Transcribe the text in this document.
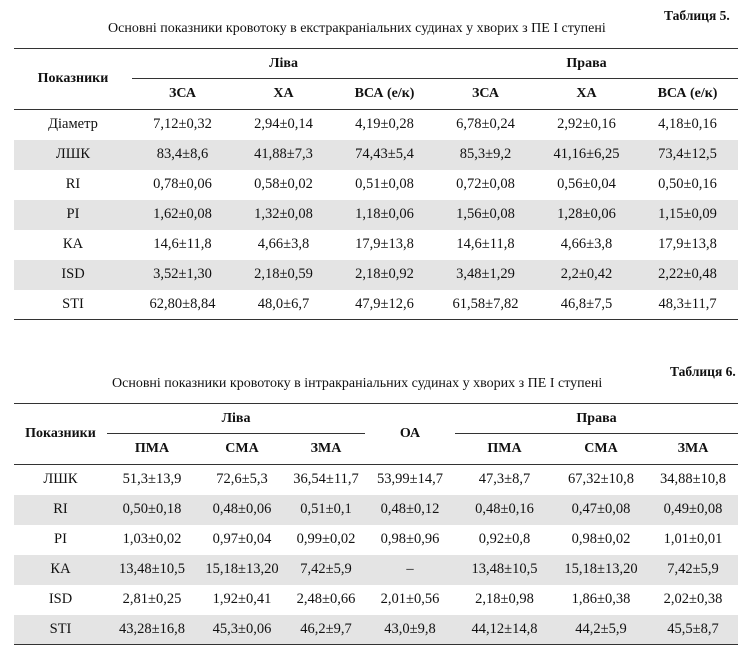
Таблиця 5.
Основні показники кровотоку в екстракраніальних судинах у хворих з ПЕ І ступені
Показники	Ліва			Права		
	ЗСА	ХА	ВСА (е/к)	ЗСА	ХА	ВСА (е/к)
Діаметр	7,12±0,32	2,94±0,14	4,19±0,28	6,78±0,24	2,92±0,16	4,18±0,16
ЛШК	83,4±8,6	41,88±7,3	74,43±5,4	85,3±9,2	41,16±6,25	73,4±12,5
RI	0,78±0,06	0,58±0,02	0,51±0,08	0,72±0,08	0,56±0,04	0,50±0,16
PI	1,62±0,08	1,32±0,08	1,18±0,06	1,56±0,08	1,28±0,06	1,15±0,09
КА	14,6±11,8	4,66±3,8	17,9±13,8	14,6±11,8	4,66±3,8	17,9±13,8
ISD	3,52±1,30	2,18±0,59	2,18±0,92	3,48±1,29	2,2±0,42	2,22±0,48
STI	62,80±8,84	48,0±6,7	47,9±12,6	61,58±7,82	46,8±7,5	48,3±11,7
Таблиця 6.
Основні показники кровотоку в інтракраніальних судинах у хворих з ПЕ І ступені
Показники	Ліва			ОА	Права		
	ПМА	СМА	ЗМА		ПМА	СМА	ЗМА
ЛШК	51,3±13,9	72,6±5,3	36,54±11,7	53,99±14,7	47,3±8,7	67,32±10,8	34,88±10,8
RI	0,50±0,18	0,48±0,06	0,51±0,1	0,48±0,12	0,48±0,16	0,47±0,08	0,49±0,08
PI	1,03±0,02	0,97±0,04	0,99±0,02	0,98±0,96	0,92±0,8	0,98±0,02	1,01±0,01
КА	13,48±10,5	15,18±13,20	7,42±5,9	–	13,48±10,5	15,18±13,20	7,42±5,9
ISD	2,81±0,25	1,92±0,41	2,48±0,66	2,01±0,56	2,18±0,98	1,86±0,38	2,02±0,38
STI	43,28±16,8	45,3±0,06	46,2±9,7	43,0±9,8	44,12±14,8	44,2±5,9	45,5±8,7
